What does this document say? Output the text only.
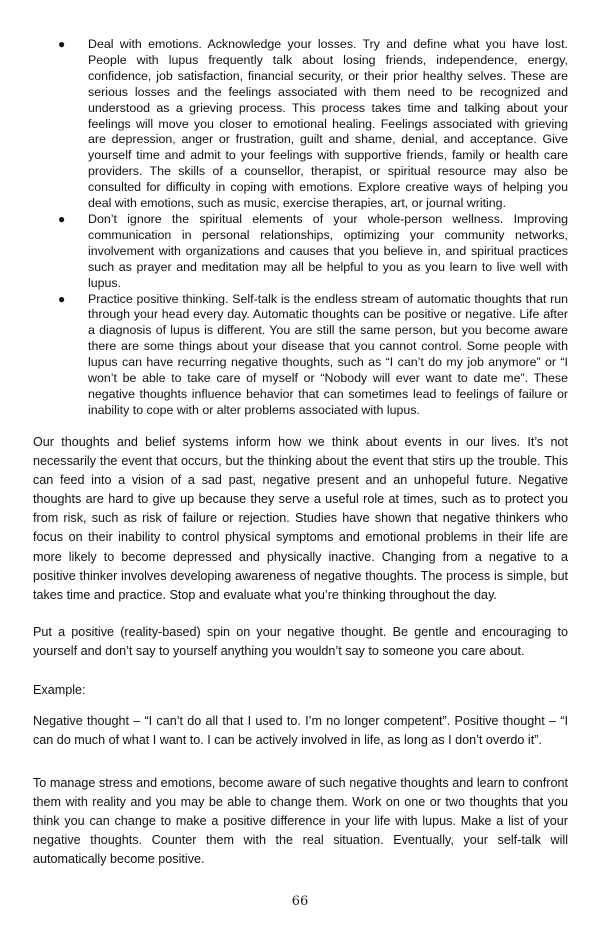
● Deal with emotions. Acknowledge your losses. Try and define what you have lost. People with lupus frequently talk about losing friends, independence, energy, confidence, job satisfaction, financial security, or their prior healthy selves. These are serious losses and the feelings associated with them need to be recognized and understood as a grieving process. This process takes time and talking about your feelings will move you closer to emotional healing. Feelings associated with grieving are depression, anger or frustration, guilt and shame, denial, and acceptance. Give yourself time and admit to your feelings with supportive friends, family or health care providers. The skills of a counsellor, therapist, or spiritual resource may also be consulted for difficulty in coping with emotions. Explore creative ways of helping you deal with emotions, such as music, exercise therapies, art, or journal writing.
● Don’t ignore the spiritual elements of your whole-person wellness. Improving communication in personal relationships, optimizing your community networks, involvement with organizations and causes that you believe in, and spiritual practices such as prayer and meditation may all be helpful to you as you learn to live well with lupus.
● Practice positive thinking. Self-talk is the endless stream of automatic thoughts that run through your head every day. Automatic thoughts can be positive or negative. Life after a diagnosis of lupus is different. You are still the same person, but you become aware there are some things about your disease that you cannot control. Some people with lupus can have recurring negative thoughts, such as “I can’t do my job anymore” or “I won’t be able to take care of myself or “Nobody will ever want to date me”. These negative thoughts influence behavior that can sometimes lead to feelings of failure or inability to cope with or alter problems associated with lupus.

Our thoughts and belief systems inform how we think about events in our lives. It’s not necessarily the event that occurs, but the thinking about the event that stirs up the trouble. This can feed into a vision of a sad past, negative present and an unhopeful future. Negative thoughts are hard to give up because they serve a useful role at times, such as to protect you from risk, such as risk of failure or rejection. Studies have shown that negative thinkers who focus on their inability to control physical symptoms and emotional problems in their life are more likely to become depressed and physically inactive. Changing from a negative to a positive thinker involves developing awareness of negative thoughts. The process is simple, but takes time and practice. Stop and evaluate what you’re thinking throughout the day.

Put a positive (reality-based) spin on your negative thought. Be gentle and encouraging to yourself and don’t say to yourself anything you wouldn’t say to someone you care about.

Example:

Negative thought – “I can’t do all that I used to. I’m no longer competent”. Positive thought – “I can do much of what I want to. I can be actively involved in life, as long as I don’t overdo it”.

To manage stress and emotions, become aware of such negative thoughts and learn to confront them with reality and you may be able to change them. Work on one or two thoughts that you think you can change to make a positive difference in your life with lupus. Make a list of your negative thoughts. Counter them with the real situation. Eventually, your self-talk will automatically become positive.

66
